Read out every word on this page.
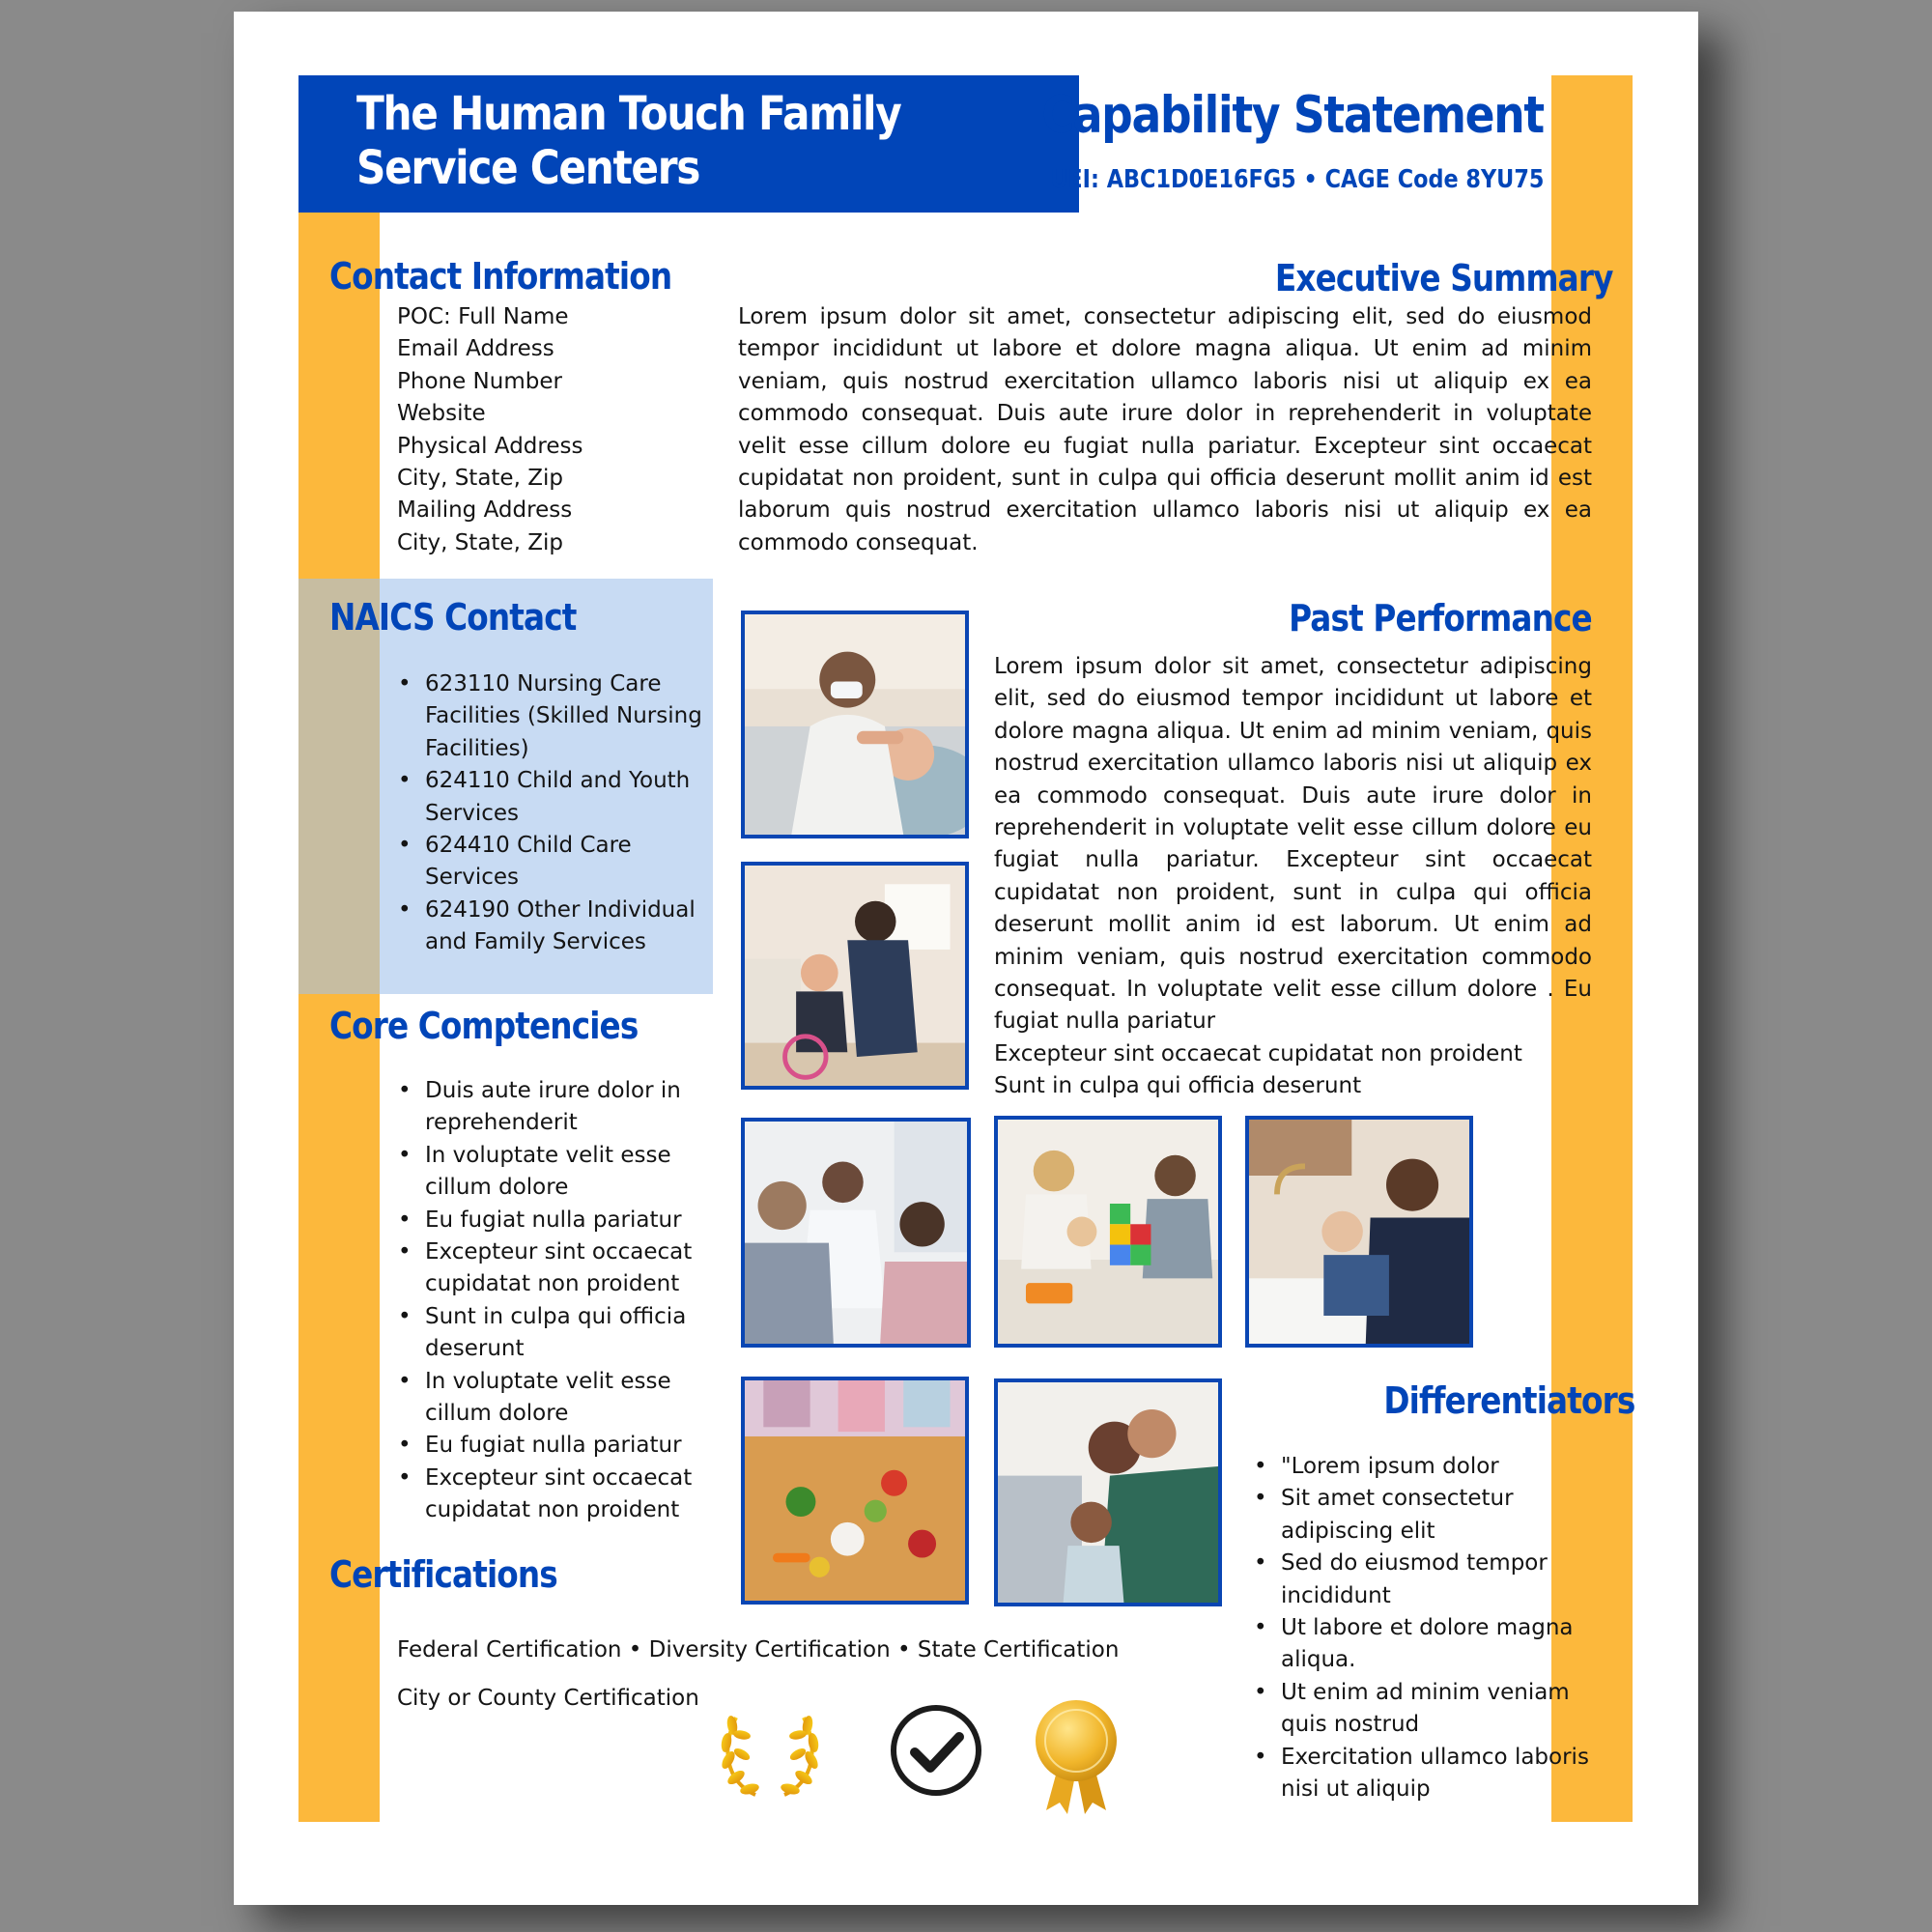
The Human Touch Family
Service Centers
Capability Statement
UEI: ABC1D0E16FG5 • CAGE Code 8YU75
Contact Information
POC: Full Name
Email Address
Phone Number
Website
Physical Address
City, State, Zip
Mailing Address
City, State, Zip
NAICS Contact
• 623110 Nursing Care Facilities (Skilled Nursing Facilities)
• 624110 Child and Youth Services
• 624410 Child Care Services
• 624190 Other Individual and Family Services
Core Comptencies
• Duis aute irure dolor in reprehenderit
• In voluptate velit esse cillum dolore
• Eu fugiat nulla pariatur
• Excepteur sint occaecat cupidatat non proident
• Sunt in culpa qui officia deserunt
• In voluptate velit esse cillum dolore
• Eu fugiat nulla pariatur
• Excepteur sint occaecat cupidatat non proident
Certifications
Federal Certification • Diversity Certification • State Certification
City or County Certification
Executive Summary
Lorem ipsum dolor sit amet, consectetur adipiscing elit, sed do eiusmod tempor incididunt ut labore et dolore magna aliqua. Ut enim ad minim veniam, quis nostrud exercitation ullamco laboris nisi ut aliquip ex ea commodo consequat. Duis aute irure dolor in reprehenderit in voluptate velit esse cillum dolore eu fugiat nulla pariatur. Excepteur sint occaecat cupidatat non proident, sunt in culpa qui officia deserunt mollit anim id est laborum quis nostrud exercitation ullamco laboris nisi ut aliquip ex ea commodo consequat.
Past Performance
Lorem ipsum dolor sit amet, consectetur adipiscing elit, sed do eiusmod tempor incididunt ut labore et dolore magna aliqua. Ut enim ad minim veniam, quis nostrud exercitation ullamco laboris nisi ut aliquip ex ea commodo consequat. Duis aute irure dolor in reprehenderit in voluptate velit esse cillum dolore eu fugiat nulla pariatur. Excepteur sint occaecat cupidatat non proident, sunt in culpa qui officia deserunt mollit anim id est laborum. Ut enim ad minim veniam, quis nostrud exercitation commodo consequat. In voluptate velit esse cillum dolore . Eu fugiat nulla pariatur
Excepteur sint occaecat cupidatat non proident
Sunt in culpa qui officia deserunt
Differentiators
• "Lorem ipsum dolor
• Sit amet consectetur adipiscing elit
• Sed do eiusmod tempor incididunt
• Ut labore et dolore magna aliqua.
• Ut enim ad minim veniam quis nostrud
• Exercitation ullamco laboris nisi ut aliquip
